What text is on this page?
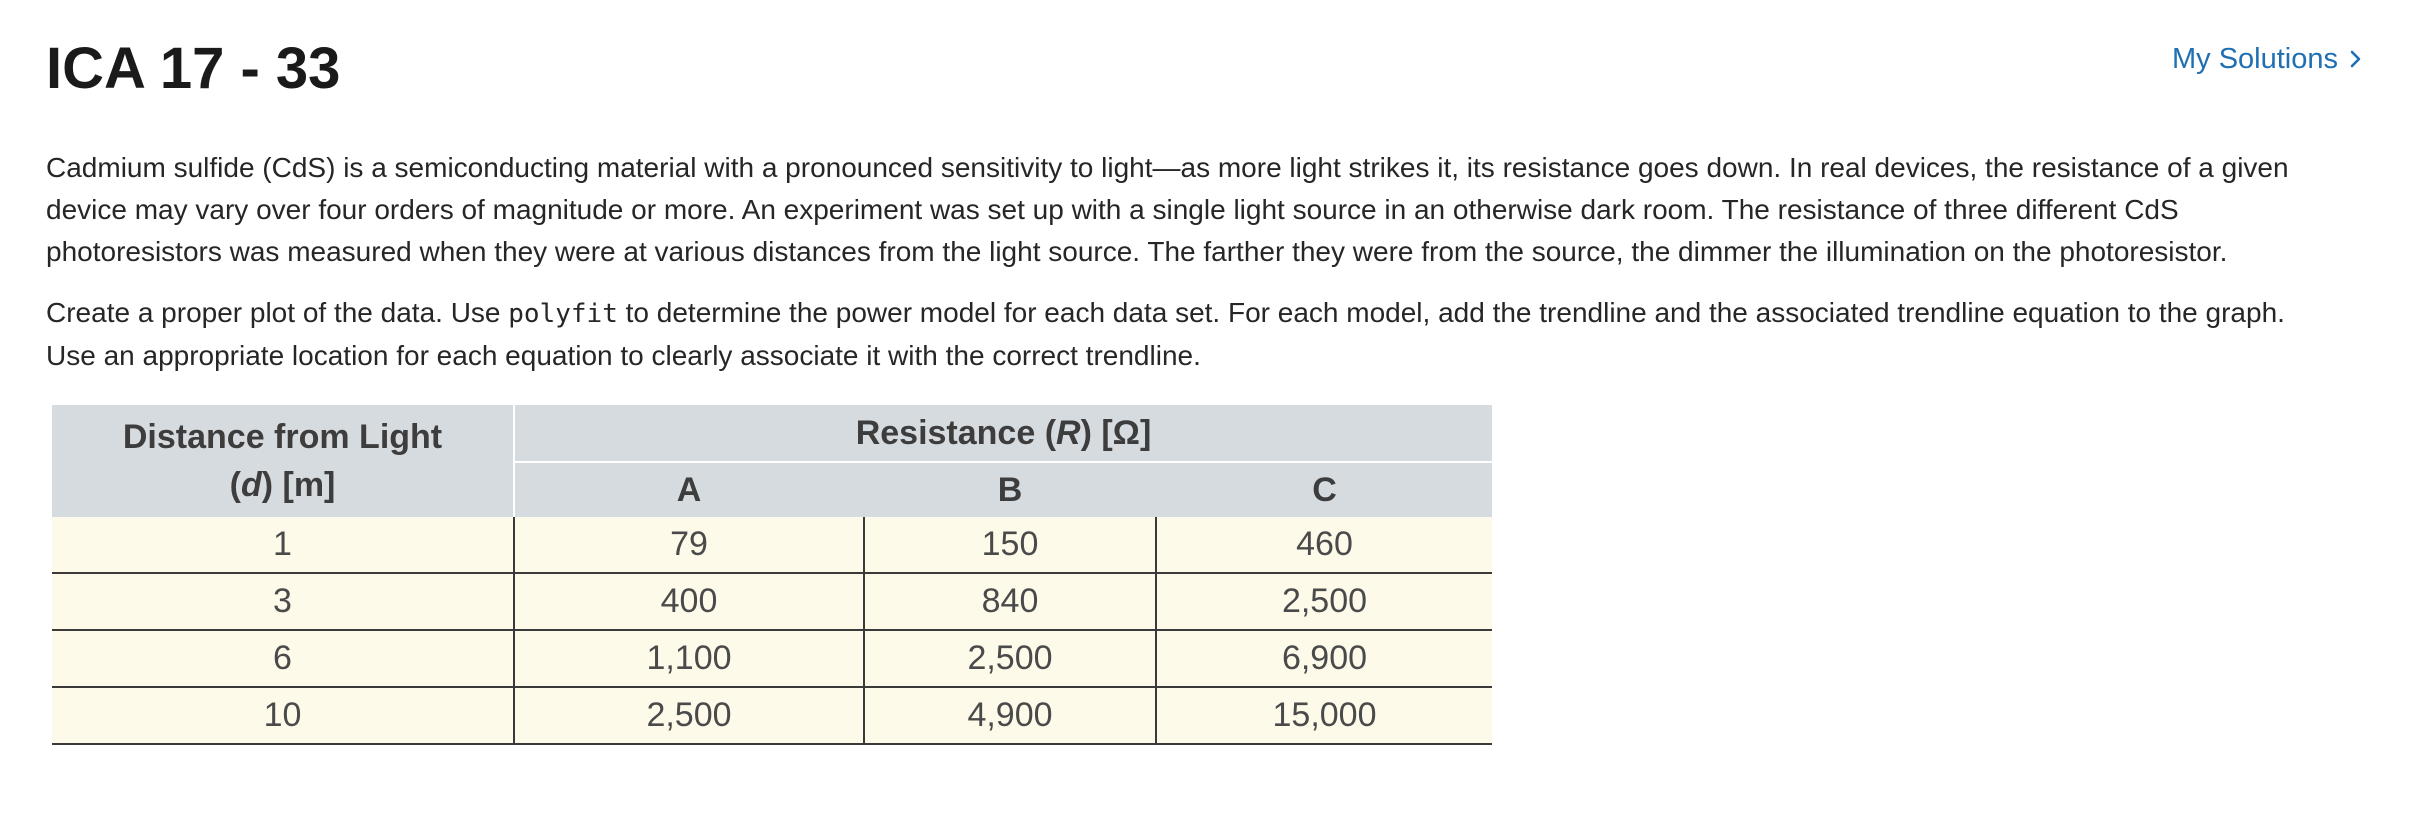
ICA 17 - 33	My Solutions

Cadmium sulfide (CdS) is a semiconducting material with a pronounced sensitivity to light—as more light strikes it, its resistance goes down. In real devices, the resistance of a given device may vary over four orders of magnitude or more. An experiment was set up with a single light source in an otherwise dark room. The resistance of three different CdS photoresistors was measured when they were at various distances from the light source. The farther they were from the source, the dimmer the illumination on the photoresistor.

Create a proper plot of the data. Use polyfit to determine the power model for each data set. For each model, add the trendline and the associated trendline equation to the graph. Use an appropriate location for each equation to clearly associate it with the correct trendline.

Distance from Light
(d) [m]	Resistance (R) [Ω]		
	A	B	C
1	79	150	460
3	400	840	2,500
6	1,100	2,500	6,900
10	2,500	4,900	15,000
